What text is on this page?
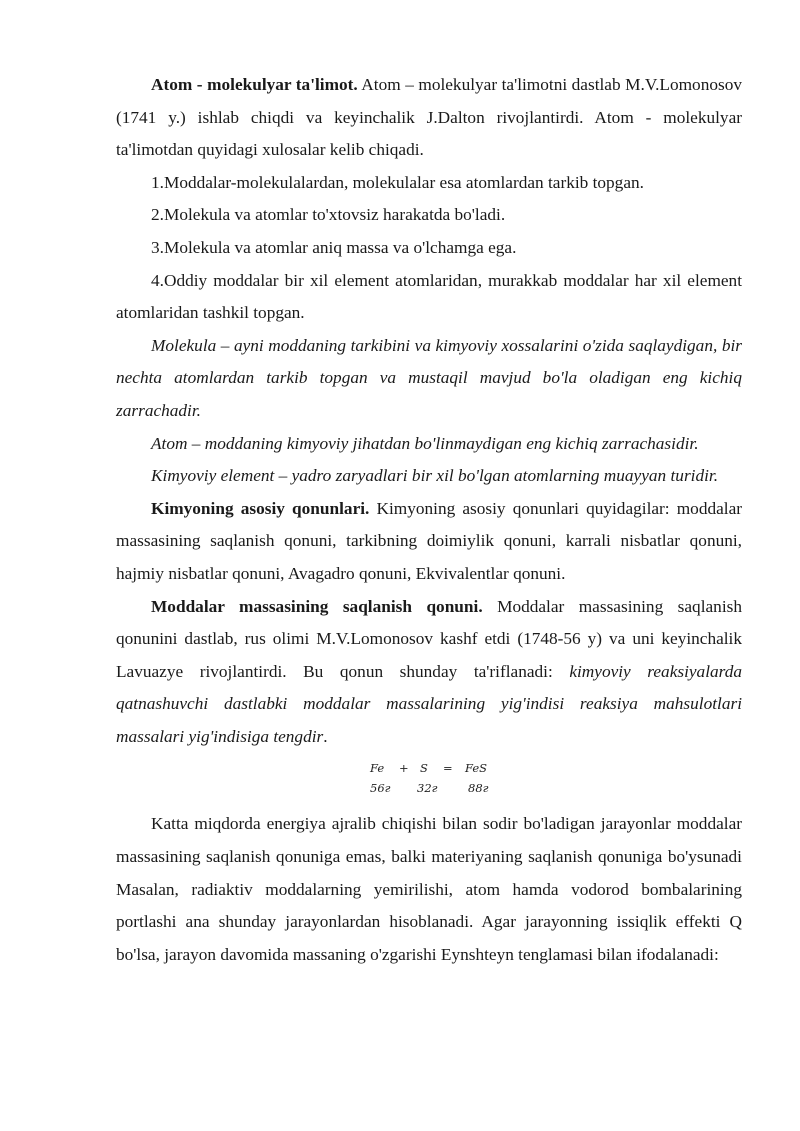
Atom - molekulyar ta'limot. Atom – molekulyar ta'limotni dastlab M.V.Lomonosov (1741 y.) ishlab chiqdi va keyinchalik J.Dalton rivojlantirdi. Atom - molekulyar ta'limotdan quyidagi xulosalar kelib chiqadi.

1.Moddalar-molekulalardan, molekulalar esa atomlardan tarkib topgan.

2.Molekula va atomlar to'xtovsiz harakatda bo'ladi.

3.Molekula va atomlar aniq massa va o'lchamga ega.

4.Oddiy moddalar bir xil element atomlaridan, murakkab moddalar har xil element atomlaridan tashkil topgan.

Molekula – ayni moddaning tarkibini va kimyoviy xossalarini o'zida saqlaydigan, bir nechta atomlardan tarkib topgan va mustaqil mavjud bo'la oladigan eng kichiq zarrachadir.

Atom – moddaning kimyoviy jihatdan bo'linmaydigan eng kichiq zarrachasidir.

Kimyoviy element – yadro zaryadlari bir xil bo'lgan atomlarning muayyan turidir.

Kimyoning asosiy qonunlari. Kimyoning asosiy qonunlari quyidagilar: moddalar massasining saqlanish qonuni, tarkibning doimiylik qonuni, karrali nisbatlar qonuni, hajmiy nisbatlar qonuni, Avagadro qonuni, Ekvivalentlar qonuni.

Moddalar massasining saqlanish qonuni. Moddalar massasining saqlanish qonunini dastlab, rus olimi M.V.Lomonosov kashf etdi (1748-56 y) va uni keyinchalik Lavuazye rivojlantirdi. Bu qonun shunday ta'riflanadi: kimyoviy reaksiyalarda qatnashuvchi dastlabki moddalar massalarining yig'indisi reaksiya mahsulotlari massalari yig'indisiga tengdir.

Fe + S = FeS
56г 32г	88г

Katta miqdorda energiya ajralib chiqishi bilan sodir bo'ladigan jarayonlar moddalar massasining saqlanish qonuniga emas, balki materiyaning saqlanish qonuniga bo'ysunadi Masalan, radiaktiv moddalarning yemirilishi, atom hamda vodorod bombalarining portlashi ana shunday jarayonlardan hisoblanadi. Agar jarayonning issiqlik effekti Q bo'lsa, jarayon davomida massaning o'zgarishi Eynshteyn tenglamasi bilan ifodalanadi:
